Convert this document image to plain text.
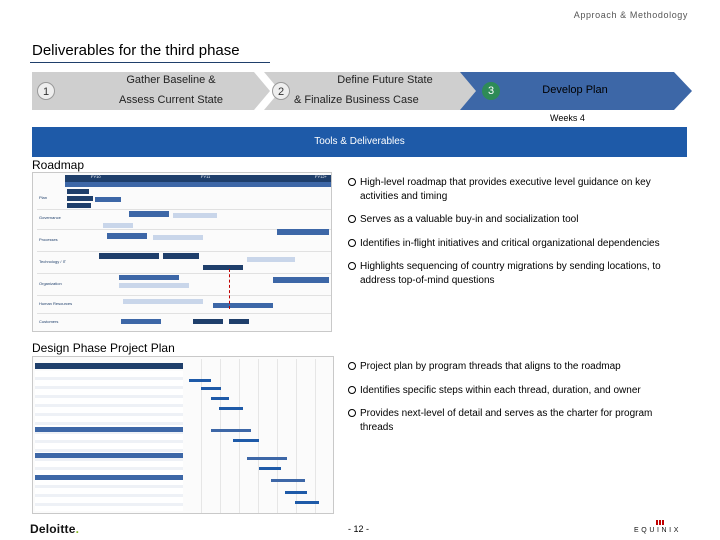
Approach & Methodology
Deliverables for the third phase
1
Gather Baseline &
Assess Current State
2
Define Future State
& Finalize Business Case
3	Develop Plan
Weeks 4
Tools & Deliverables
Roadmap
FY10	FY11	FY12+
Plan
Governance
Processes
Technology / IT
Organization
Human Resources
Customers
High-level roadmap that provides executive level guidance on key activities and timing
Serves as a valuable buy-in and socialization tool
Identifies in-flight initiatives and critical organizational dependencies
Highlights sequencing of country migrations by sending locations, to address top-of-mind questions
Design Phase Project Plan
Project plan by program threads that aligns to the roadmap
Identifies specific steps within each thread, duration, and owner
Provides next-level of detail and serves as the charter for program threads
Deloitte.	- 12 -	EQUINIX
